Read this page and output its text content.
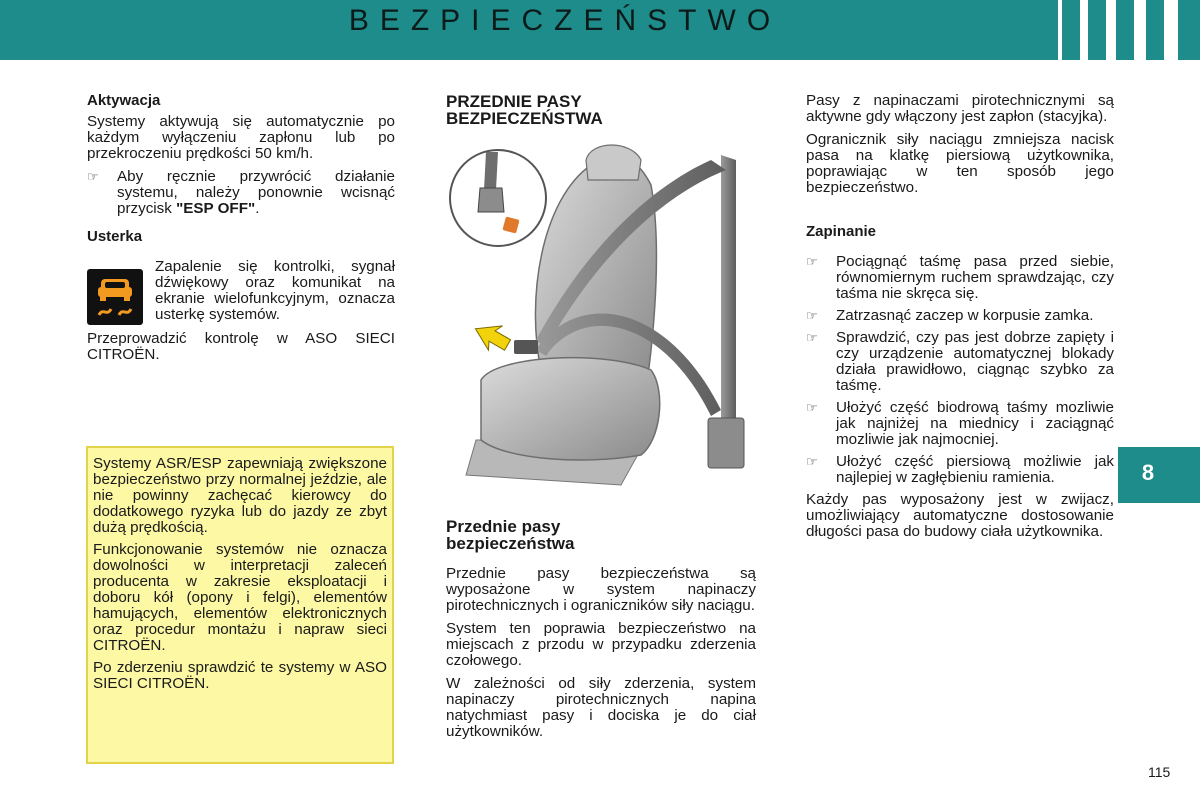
BEZPIECZEŃSTWO
8
Aktywacja

Systemy aktywują się automatycznie po każdym wyłączeniu zapłonu lub po przekroczeniu prędkości 50 km/h.

☞	Aby ręcznie przywrócić działanie systemu, należy ponownie wcisnąć przycisk "ESP OFF".
Usterka
Zapalenie się kontrolki, sygnał dźwiękowy oraz komunikat na ekranie wielofunkcyjnym, oznacza usterkę systemów.

Przeprowadzić kontrolę w ASO SIECI CITROËN.

Systemy ASR/ESP zapewniają zwiększone bezpieczeństwo przy normalnej jeździe, ale nie powinny zachęcać kierowcy do dodatkowego ryzyka lub do jazdy ze zbyt dużą prędkością.

Funkcjonowanie systemów nie oznacza dowolności w interpretacji zaleceń producenta w zakresie eksploatacji i doboru kół (opony i felgi), elementów hamujących, elementów elektronicznych oraz procedur montażu i napraw sieci CITROËN.

Po zderzeniu sprawdzić te systemy w ASO SIECI CITROËN.

PRZEDNIE PASY
BEZPIECZEŃSTWA
Przednie pasy
bezpieczeństwa

Przednie pasy bezpieczeństwa są wyposażone w system napinaczy pirotechnicznych i ograniczników siły naciągu.

System ten poprawia bezpieczeństwo na miejscach z przodu w przypadku zderzenia czołowego.

W zależności od siły zderzenia, system napinaczy pirotechnicznych napina natychmiast pasy i dociska je do ciał użytkowników.

Pasy z napinaczami pirotechnicznymi są aktywne gdy włączony jest zapłon (stacyjka).

Ogranicznik siły naciągu zmniejsza nacisk pasa na klatkę piersiową użytkownika, poprawiając w ten sposób jego bezpieczeństwo.

Zapinanie
☞	Pociągnąć taśmę pasa przed siebie, równomiernym ruchem sprawdzając, czy taśma nie skręca się.
☞	Zatrzasnąć zaczep w korpusie zamka.
☞	Sprawdzić, czy pas jest dobrze zapięty i czy urządzenie automatycznej blokady działa prawidłowo, ciągnąc szybko za taśmę.
☞	Ułożyć część biodrową taśmy mozliwie jak najniżej na miednicy i zaciągnąć mozliwie jak najmocniej.
☞	Ułożyć część piersiową możliwie jak najlepiej w zagłębieniu ramienia.

Każdy pas wyposażony jest w zwijacz, umożliwiający automatyczne dostosowanie długości pasa do budowy ciała użytkownika.

115
